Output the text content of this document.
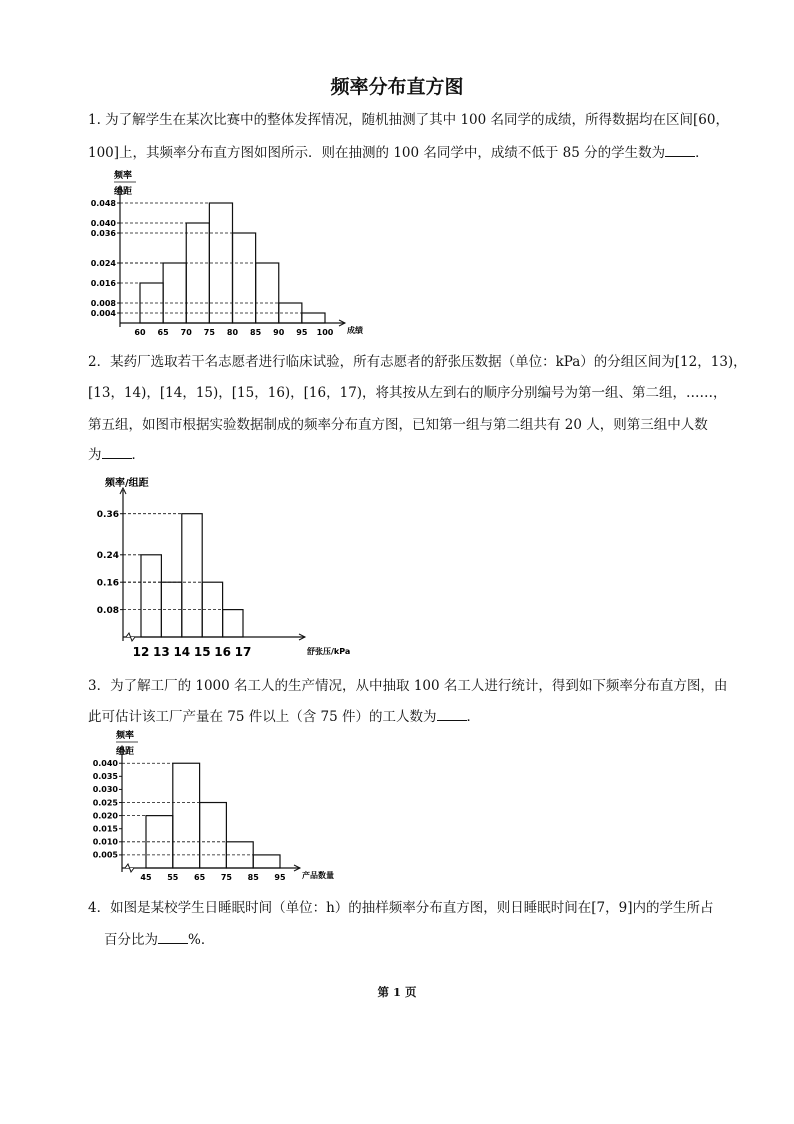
频率分布直方图
1. 为了解学生在某次比赛中的整体发挥情况，随机抽测了其中 100 名同学的成绩，所得数据均在区间[60，
100]上，其频率分布直方图如图所示．则在抽测的 100 名同学中，成绩不低于 85 分的学生数为 ．
0.048
0.040
0.036
0.024
0.016
0.008
0.004
60 65 70 75 80 85 90 95 100
频率
组距
成绩
2．某药厂选取若干名志愿者进行临床试验，所有志愿者的舒张压数据（单位：kPa）的分组区间为[12，13)，
[13，14)，[14，15)，[15，16)，[16，17)，将其按从左到右的顺序分别编号为第一组、第二组，……，
第五组，如图市根据实验数据制成的频率分布直方图，已知第一组与第二组共有 20 人，则第三组中人数
为 ．
0.36
0.24
0.16
0.08
12 13 14 15 16 17
频率/组距
舒张压/kPa
3．为了解工厂的 1000 名工人的生产情况，从中抽取 100 名工人进行统计，得到如下频率分布直方图，由
此可估计该工厂产量在 75 件以上（含 75 件）的工人数为 ．
0.040
0.035
0.030
0.025
0.020
0.015
0.010
0.005
45 55 65 75 85 95
频率
组距
产品数量
4．如图是某校学生日睡眠时间（单位：h）的抽样频率分布直方图，则日睡眠时间在[7，9]内的学生所占
百分比为 %．
第 1 页
